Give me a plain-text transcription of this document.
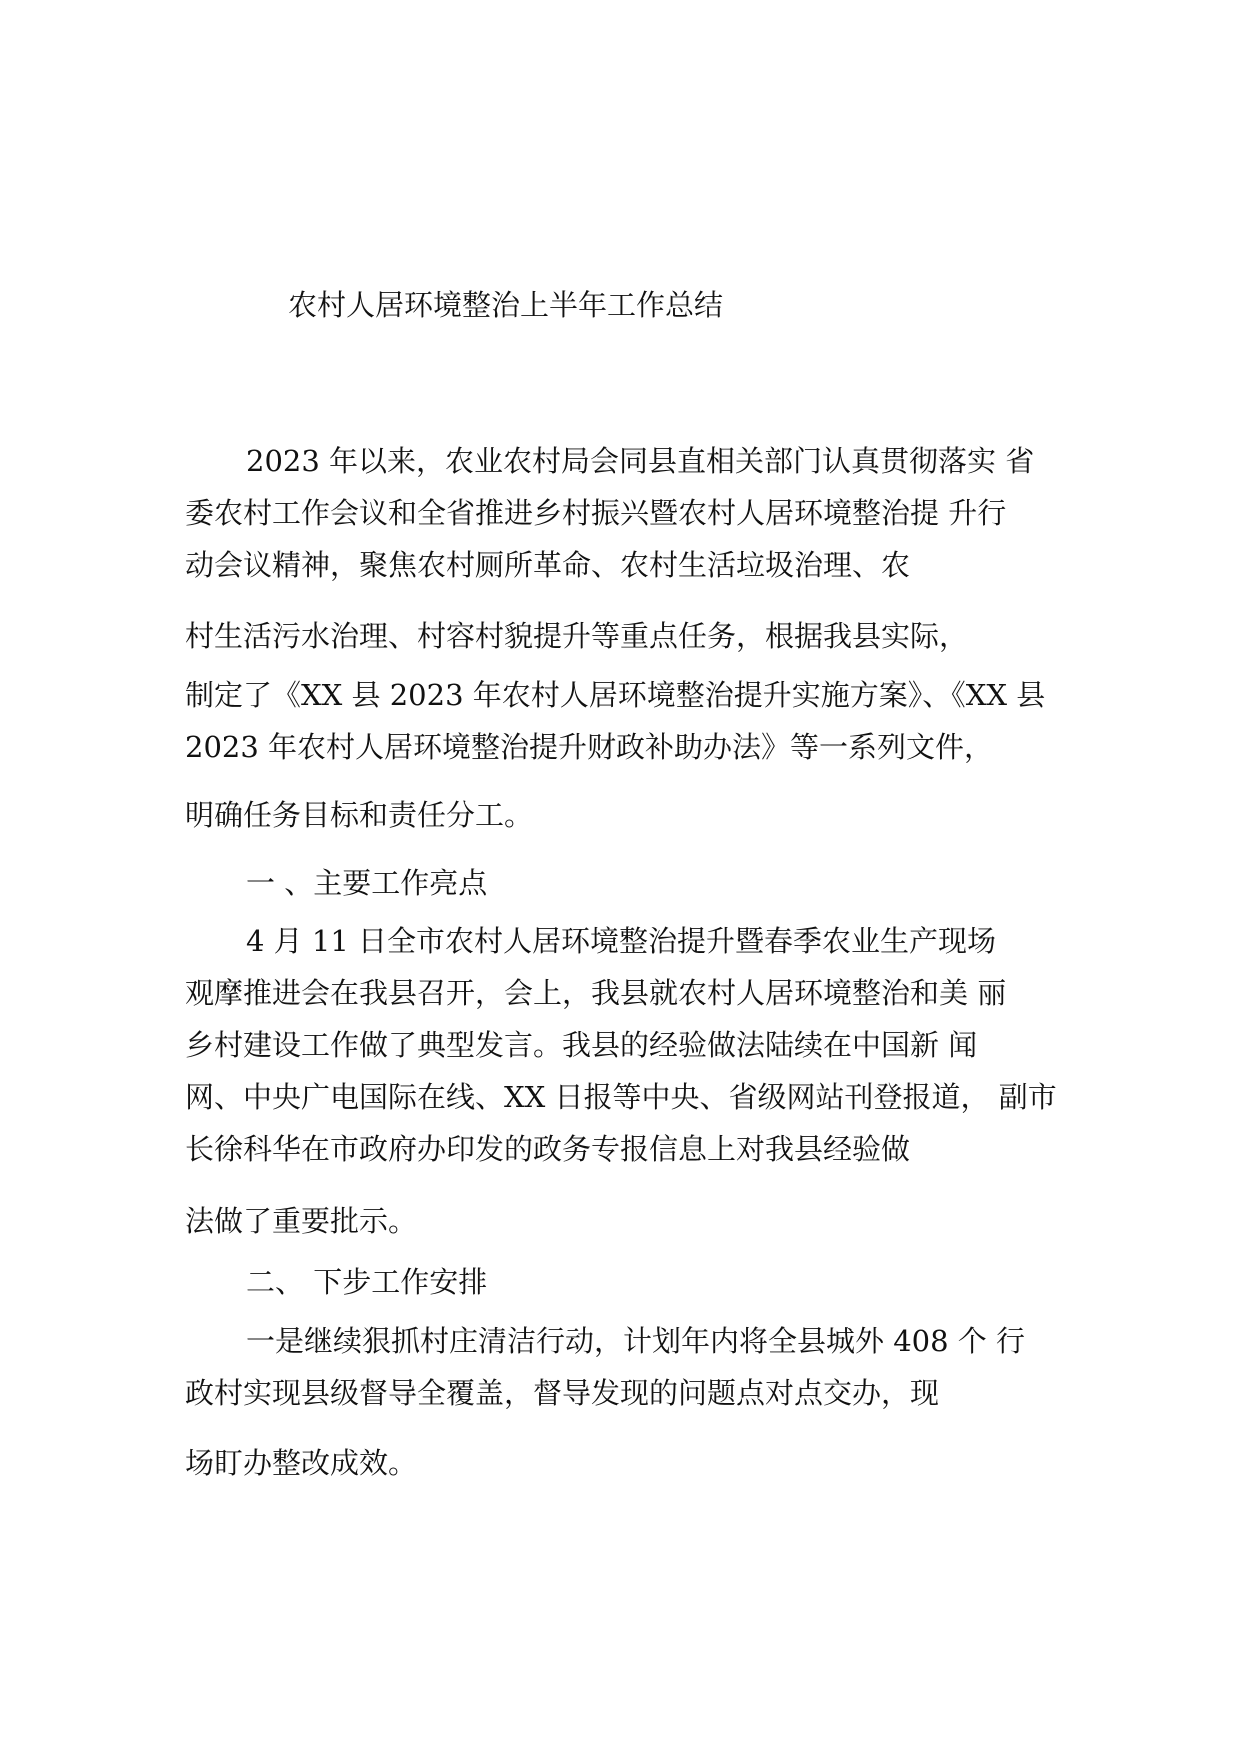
农村人居环境整治上半年工作总结
2023 年以来，农业农村局会同县直相关部门认真贯彻落实 省
委农村工作会议和全省推进乡村振兴暨农村人居环境整治提 升行
动会议精神，聚焦农村厕所革命、农村生活垃圾治理、农
村生活污水治理、村容村貌提升等重点任务，根据我县实际，
制定了《XX 县 2023 年农村人居环境整治提升实施方案》、《XX 县
2023 年农村人居环境整治提升财政补助办法》等一系列文件，
明确任务目标和责任分工。
一 、主要工作亮点
4 月 11 日全市农村人居环境整治提升暨春季农业生产现场
观摩推进会在我县召开，会上，我县就农村人居环境整治和美 丽
乡村建设工作做了典型发言。我县的经验做法陆续在中国新 闻
网、中央广电国际在线、XX 日报等中央、省级网站刊登报道， 副市
长徐科华在市政府办印发的政务专报信息上对我县经验做
法做了重要批示。
二、 下步工作安排
一是继续狠抓村庄清洁行动，计划年内将全县城外 408 个 行
政村实现县级督导全覆盖，督导发现的问题点对点交办，现
场盯办整改成效。
